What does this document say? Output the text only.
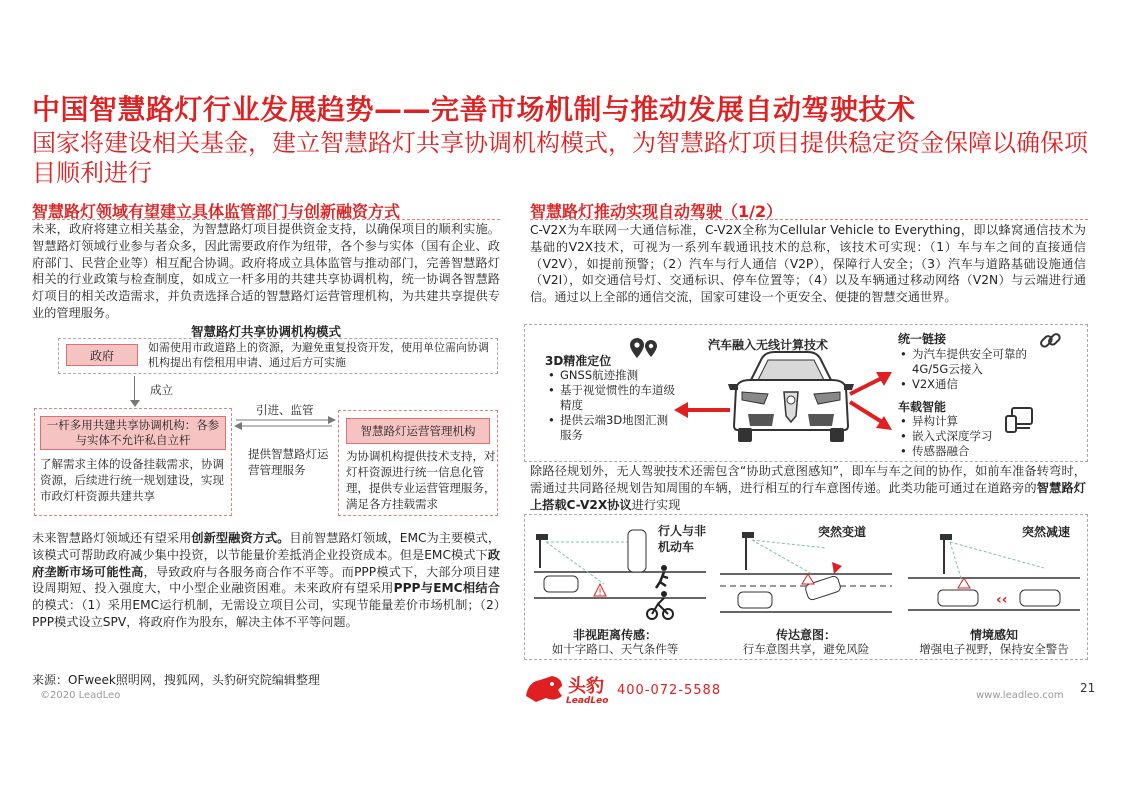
中国智慧路灯行业发展趋势——完善市场机制与推动发展自动驾驶技术
国家将建设相关基金，建立智慧路灯共享协调机构模式，为智慧路灯项目提供稳定资金保障以确保项目顺利进行
智慧路灯领域有望建立具体监管部门与创新融资方式
未来，政府将建立相关基金，为智慧路灯项目提供资金支持，以确保项目的顺利实施。智慧路灯领域行业参与者众多，因此需要政府作为纽带，各个参与实体（国有企业、政府部门、民营企业等）相互配合协调。政府将成立具体监管与推动部门，完善智慧路灯相关的行业政策与检查制度，如成立一杆多用的共建共享协调机构，统一协调各智慧路灯项目的相关改造需求，并负责选择合适的智慧路灯运营管理机构，为共建共享提供专业的管理服务。
智慧路灯共享协调机构模式
政府
如需使用市政道路上的资源，为避免重复投资开发，使用单位需向协调机构提出有偿租用申请、通过后方可实施
成立
一杆多用共建共享协调机构：各参与实体不允许私自立杆
了解需求主体的设备挂载需求，协调资源，后续进行统一规划建设，实现市政灯杆资源共建共享
引进、监管
提供智慧路灯运营管理服务
智慧路灯运营管理机构
为协调机构提供技术支持，对灯杆资源进行统一信息化管理，提供专业运营管理服务，满足各方挂载需求
未来智慧路灯领域还有望采用创新型融资方式。目前智慧路灯领域，EMC为主要模式，该模式可帮助政府减少集中投资，以节能量价差抵消企业投资成本。但是EMC模式下政府垄断市场可能性高，导致政府与各服务商合作不平等。而PPP模式下，大部分项目建设周期短、投入强度大，中小型企业融资困难。未来政府有望采用PPP与EMC相结合的模式：（1）采用EMC运行机制，无需设立项目公司，实现节能量差价市场机制；（2）PPP模式设立SPV，将政府作为股东，解决主体不平等问题。
智慧路灯推动实现自动驾驶（1/2）
C-V2X为车联网一大通信标准，C-V2X全称为Cellular Vehicle to Everything，即以蜂窝通信技术为基础的V2X技术，可视为一系列车载通讯技术的总称，该技术可实现：（1）车与车之间的直接通信（V2V），如提前预警；（2）汽车与行人通信（V2P），保障行人安全；（3）汽车与道路基础设施通信（V2I），如交通信号灯、交通标识、停车位置等；（4）以及车辆通过移动网络（V2N）与云端进行通信。通过以上全部的通信交流，国家可建设一个更安全、便捷的智慧交通世界。
汽车融入无线计算技术
3D精准定位
• GNSS航迹推测
• 基于视觉惯性的车道级精度
• 提供云端3D地图汇测服务
统一链接
• 为汽车提供安全可靠的4G/5G云接入
• V2X通信
车载智能
• 异构计算
• 嵌入式深度学习
• 传感器融合
除路径规划外，无人驾驶技术还需包含“协助式意图感知”，即车与车之间的协作，如前车准备转弯时，需通过共同路径规划告知周围的车辆，进行相互的行车意图传递。此类功能可通过在道路旁的智慧路灯上搭载C-V2X协议进行实现
!
行人与非机动车
非视距离传感：
如十字路口、天气条件等
突然变道
传达意图：
行车意图共享，避免风险
‹‹
突然减速
情境感知
增强电子视野，保持安全警告
来源：OFweek照明网，搜狐网，头豹研究院编辑整理
©2020 LeadLeo	头豹
LeadLeo
400-072-5588	www.leadleo.com
21
